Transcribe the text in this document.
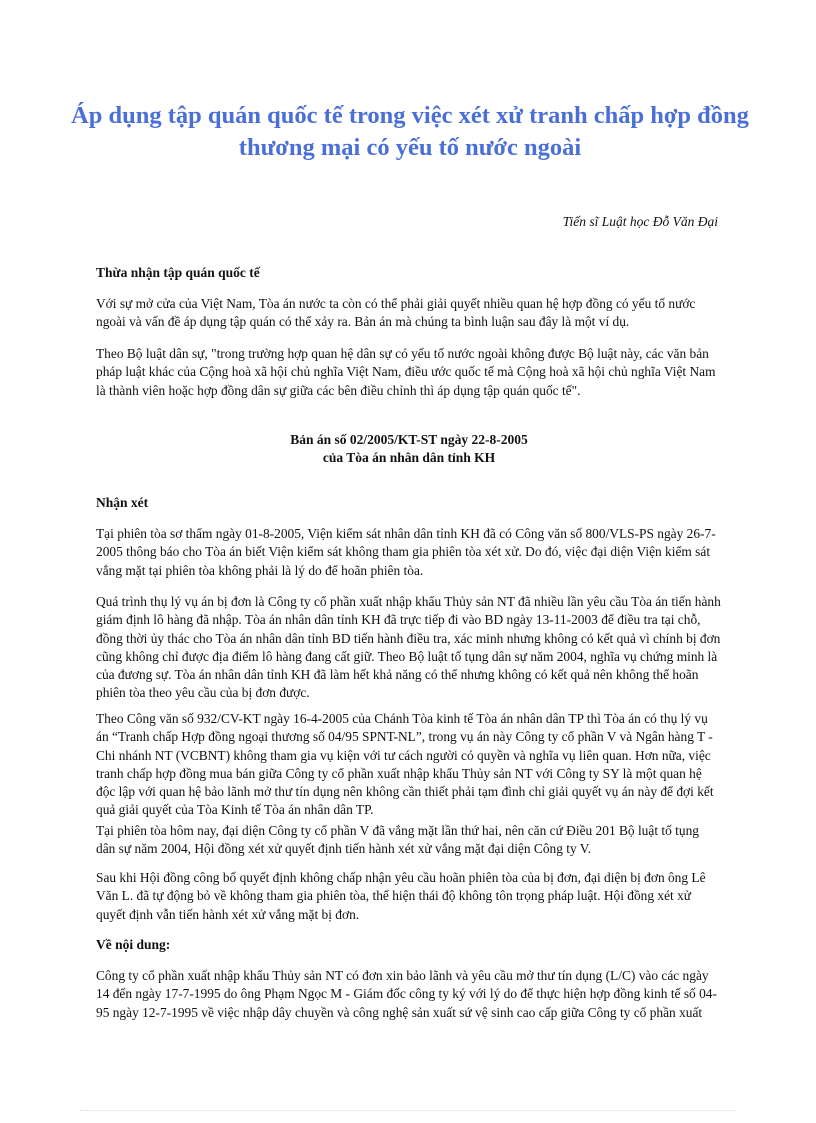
Áp dụng tập quán quốc tế trong việc xét xử tranh chấp hợp đồng thương mại có yếu tố nước ngoài
Tiến sĩ Luật học Đỗ Văn Đại
Thừa nhận tập quán quốc tế
Với sự mở cửa của Việt Nam, Tòa án nước ta còn có thể phải giải quyết nhiều quan hệ hợp đồng có yếu tố nước
ngoài và vấn đề áp dụng tập quán có thể xảy ra. Bản án mà chúng ta bình luận sau đây là một ví dụ.
Theo Bộ luật dân sự, "trong trường hợp quan hệ dân sự có yếu tố nước ngoài không được Bộ luật này, các văn bản
pháp luật khác của Cộng hoà xã hội chủ nghĩa Việt Nam, điều ước quốc tế mà Cộng hoà xã hội chủ nghĩa Việt Nam
là thành viên hoặc hợp đồng dân sự giữa các bên điều chỉnh thì áp dụng tập quán quốc tế".
Bản án số 02/2005/KT-ST ngày 22-8-2005
của Tòa án nhân dân tỉnh KH
Nhận xét
Tại phiên tòa sơ thẩm ngày 01-8-2005, Viện kiểm sát nhân dân tỉnh KH đã có Công văn số 800/VLS-PS ngày 26-7-
2005 thông báo cho Tòa án biết Viện kiểm sát không tham gia phiên tòa xét xử. Do đó, việc đại diện Viện kiểm sát
vắng mặt tại phiên tòa không phải là lý do để hoãn phiên tòa.
Quá trình thụ lý vụ án bị đơn là Công ty cổ phần xuất nhập khẩu Thủy sản NT đã nhiều lần yêu cầu Tòa án tiến hành
giám định lô hàng đã nhập. Tòa án nhân dân tỉnh KH đã trực tiếp đi vào BD ngày 13-11-2003 để điều tra tại chỗ,
đồng thời ủy thác cho Tòa án nhân dân tỉnh BD tiến hành điều tra, xác minh nhưng không có kết quả vì chính bị đơn
cũng không chỉ được địa điểm lô hàng đang cất giữ. Theo Bộ luật tố tụng dân sự năm 2004, nghĩa vụ chứng minh là
của đương sự. Tòa án nhân dân tỉnh KH đã làm hết khả năng có thể nhưng không có kết quả nên không thể hoãn
phiên tòa theo yêu cầu của bị đơn được.
Theo Công văn số 932/CV-KT ngày 16-4-2005 của Chánh Tòa kinh tế Tòa án nhân dân TP thì Tòa án có thụ lý vụ
án “Tranh chấp Hợp đồng ngoại thương số 04/95 SPNT-NL”, trong vụ án này Công ty cổ phần V và Ngân hàng T -
Chi nhánh NT (VCBNT) không tham gia vụ kiện với tư cách người có quyền và nghĩa vụ liên quan. Hơn nữa, việc
tranh chấp hợp đồng mua bán giữa Công ty cổ phần xuất nhập khẩu Thủy sản NT với Công ty SY là một quan hệ
độc lập với quan hệ bảo lãnh mở thư tín dụng nên không cần thiết phải tạm đình chỉ giải quyết vụ án này để đợi kết
quả giải quyết của Tòa Kinh tế Tòa án nhân dân TP.
Tại phiên tòa hôm nay, đại diện Công ty cổ phần V đã vắng mặt lần thứ hai, nên căn cứ Điều 201 Bộ luật tố tụng
dân sự năm 2004, Hội đồng xét xử quyết định tiến hành xét xử vắng mặt đại diện Công ty V.
Sau khi Hội đồng công bố quyết định không chấp nhận yêu cầu hoãn phiên tòa của bị đơn, đại diện bị đơn ông Lê
Văn L. đã tự động bỏ về không tham gia phiên tòa, thể hiện thái độ không tôn trọng pháp luật. Hội đồng xét xử
quyết định vẫn tiến hành xét xử vắng mặt bị đơn.
Về nội dung:
Công ty cổ phần xuất nhập khẩu Thủy sản NT có đơn xin bảo lãnh và yêu cầu mở thư tín dụng (L/C) vào các ngày
14 đến ngày 17-7-1995 do ông Phạm Ngọc M - Giám đốc công ty ký với lý do để thực hiện hợp đồng kinh tế số 04-
95 ngày 12-7-1995 về việc nhập dây chuyền và công nghệ sản xuất sứ vệ sinh cao cấp giữa Công ty cổ phần xuất
